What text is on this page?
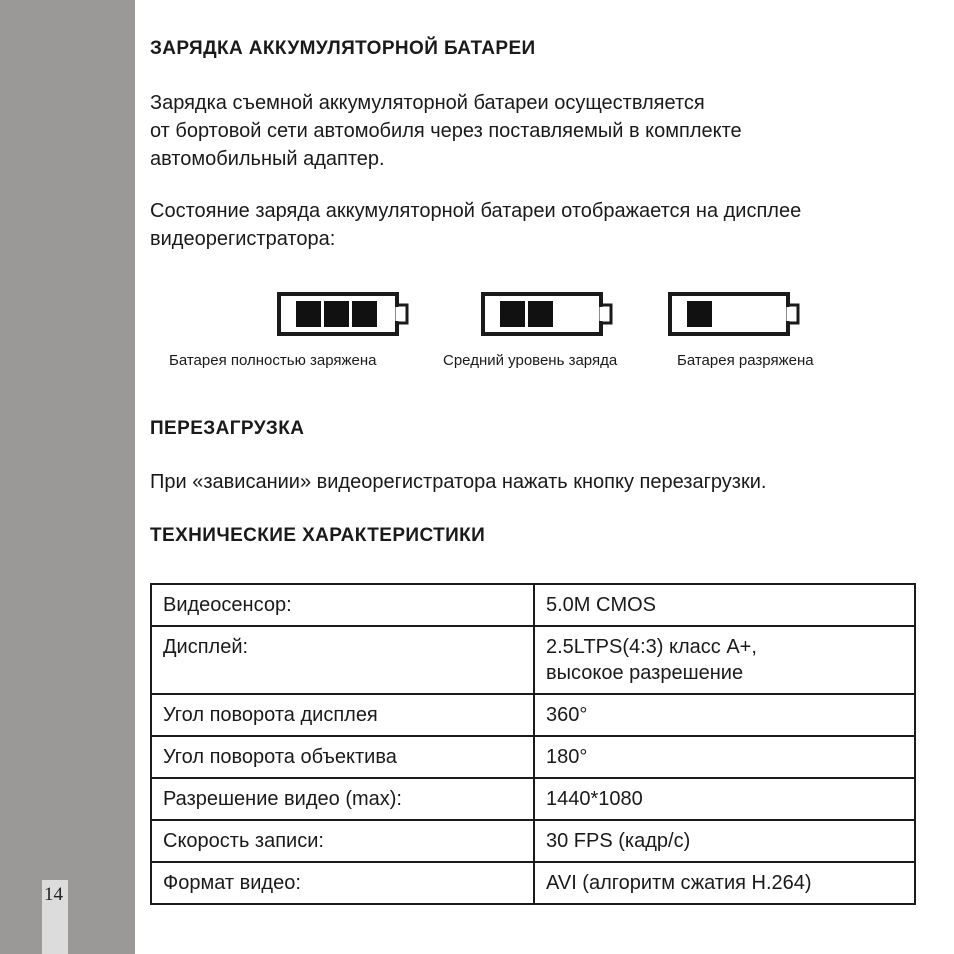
14
ЗАРЯДКА АККУМУЛЯТОРНОЙ БАТАРЕИ

Зарядка съемной аккумуляторной батареи осуществляется
от бортовой сети автомобиля через поставляемый в комплекте
автомобильный адаптер.

Состояние заряда аккумуляторной батареи отображается на дисплее
видеорегистратора:

Батарея полностью заряжена	Средний уровень заряда	Батарея разряжена
ПЕРЕЗАГРУЗКА

При «зависании» видеорегистратора нажать кнопку перезагрузки.

ТЕХНИЧЕСКИЕ ХАРАКТЕРИСТИКИ
Видеосенсор:	5.0M CMOS

Дисплей:	2.5LTPS(4:3) класс А+,
высокое разрешение

Угол поворота дисплея	360°

Угол поворота объектива	180°

Разрешение видео (max):	1440*1080

Скорость записи:	30 FPS (кадр/с)

Формат видео:	AVI (алгоритм сжатия H.264)
